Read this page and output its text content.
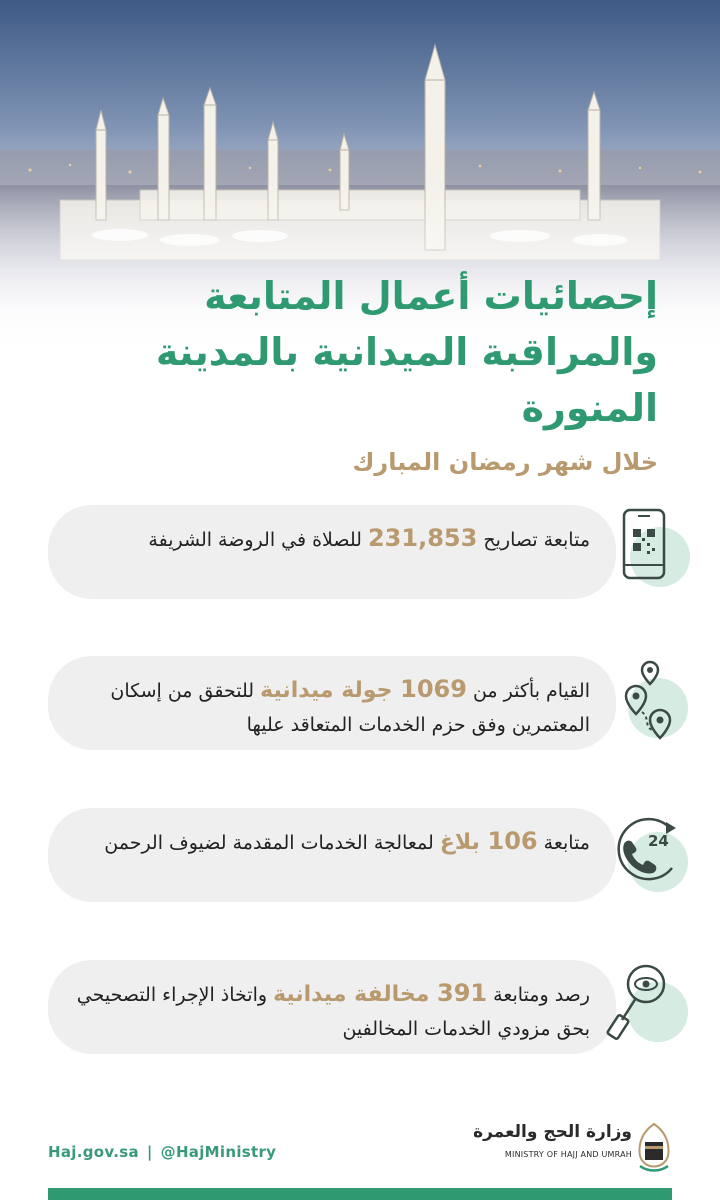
إحصائيات أعمال المتابعة
والمراقبة الميدانية بالمدينة المنورة
خلال شهر رمضان المبارك
متابعة تصاريح 231,853 للصلاة في الروضة الشريفة
القيام بأكثر من 1069 جولة ميدانية للتحقق من إسكان المعتمرين وفق حزم الخدمات المتعاقد عليها
متابعة 106 بلاغ لمعالجة الخدمات المقدمة لضيوف الرحمن	24
رصد ومتابعة 391 مخالفة ميدانية واتخاذ الإجراء التصحيحي بحق مزودي الخدمات المخالفين
Haj.gov.sa | @HajMinistry
وزارة الحج والعمرة
MINISTRY OF HAJJ AND UMRAH
